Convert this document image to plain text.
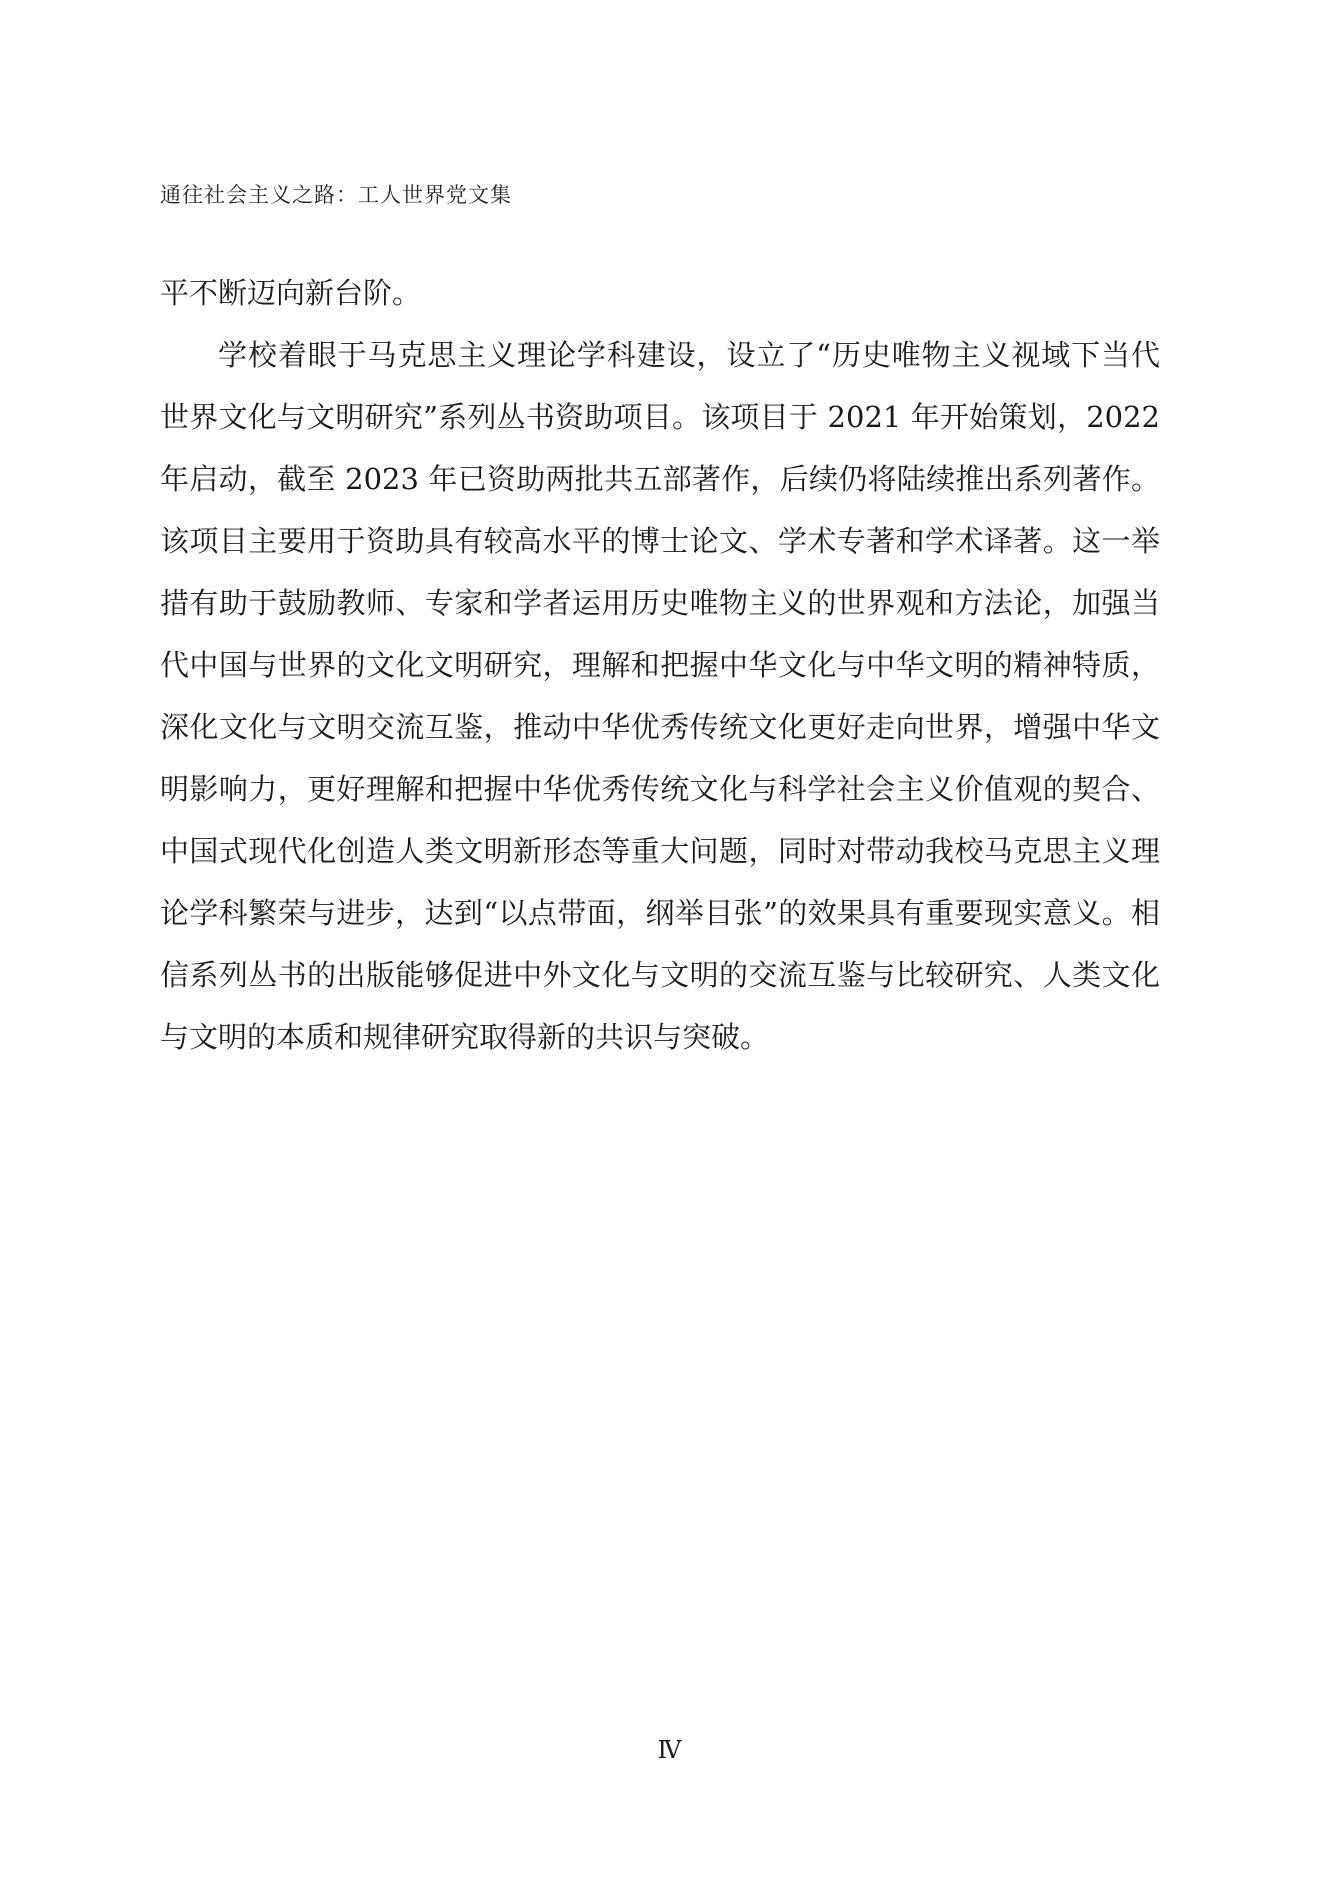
通往社会主义之路：工人世界党文集

平不断迈向新台阶。

学校着眼于马克思主义理论学科建设，设立了“历史唯物主义视域下当代世界文化与文明研究”系列丛书资助项目。该项目于 2021 年开始策划，2022 年启动，截至 2023 年已资助两批共五部著作，后续仍将陆续推出系列著作。该项目主要用于资助具有较高水平的博士论文、学术专著和学术译著。这一举措有助于鼓励教师、专家和学者运用历史唯物主义的世界观和方法论，加强当代中国与世界的文化文明研究，理解和把握中华文化与中华文明的精神特质，深化文化与文明交流互鉴，推动中华优秀传统文化更好走向世界，增强中华文明影响力，更好理解和把握中华优秀传统文化与科学社会主义价值观的契合、中国式现代化创造人类文明新形态等重大问题，同时对带动我校马克思主义理论学科繁荣与进步，达到“以点带面，纲举目张”的效果具有重要现实意义。相信系列丛书的出版能够促进中外文化与文明的交流互鉴与比较研究、人类文化与文明的本质和规律研究取得新的共识与突破。

Ⅳ
